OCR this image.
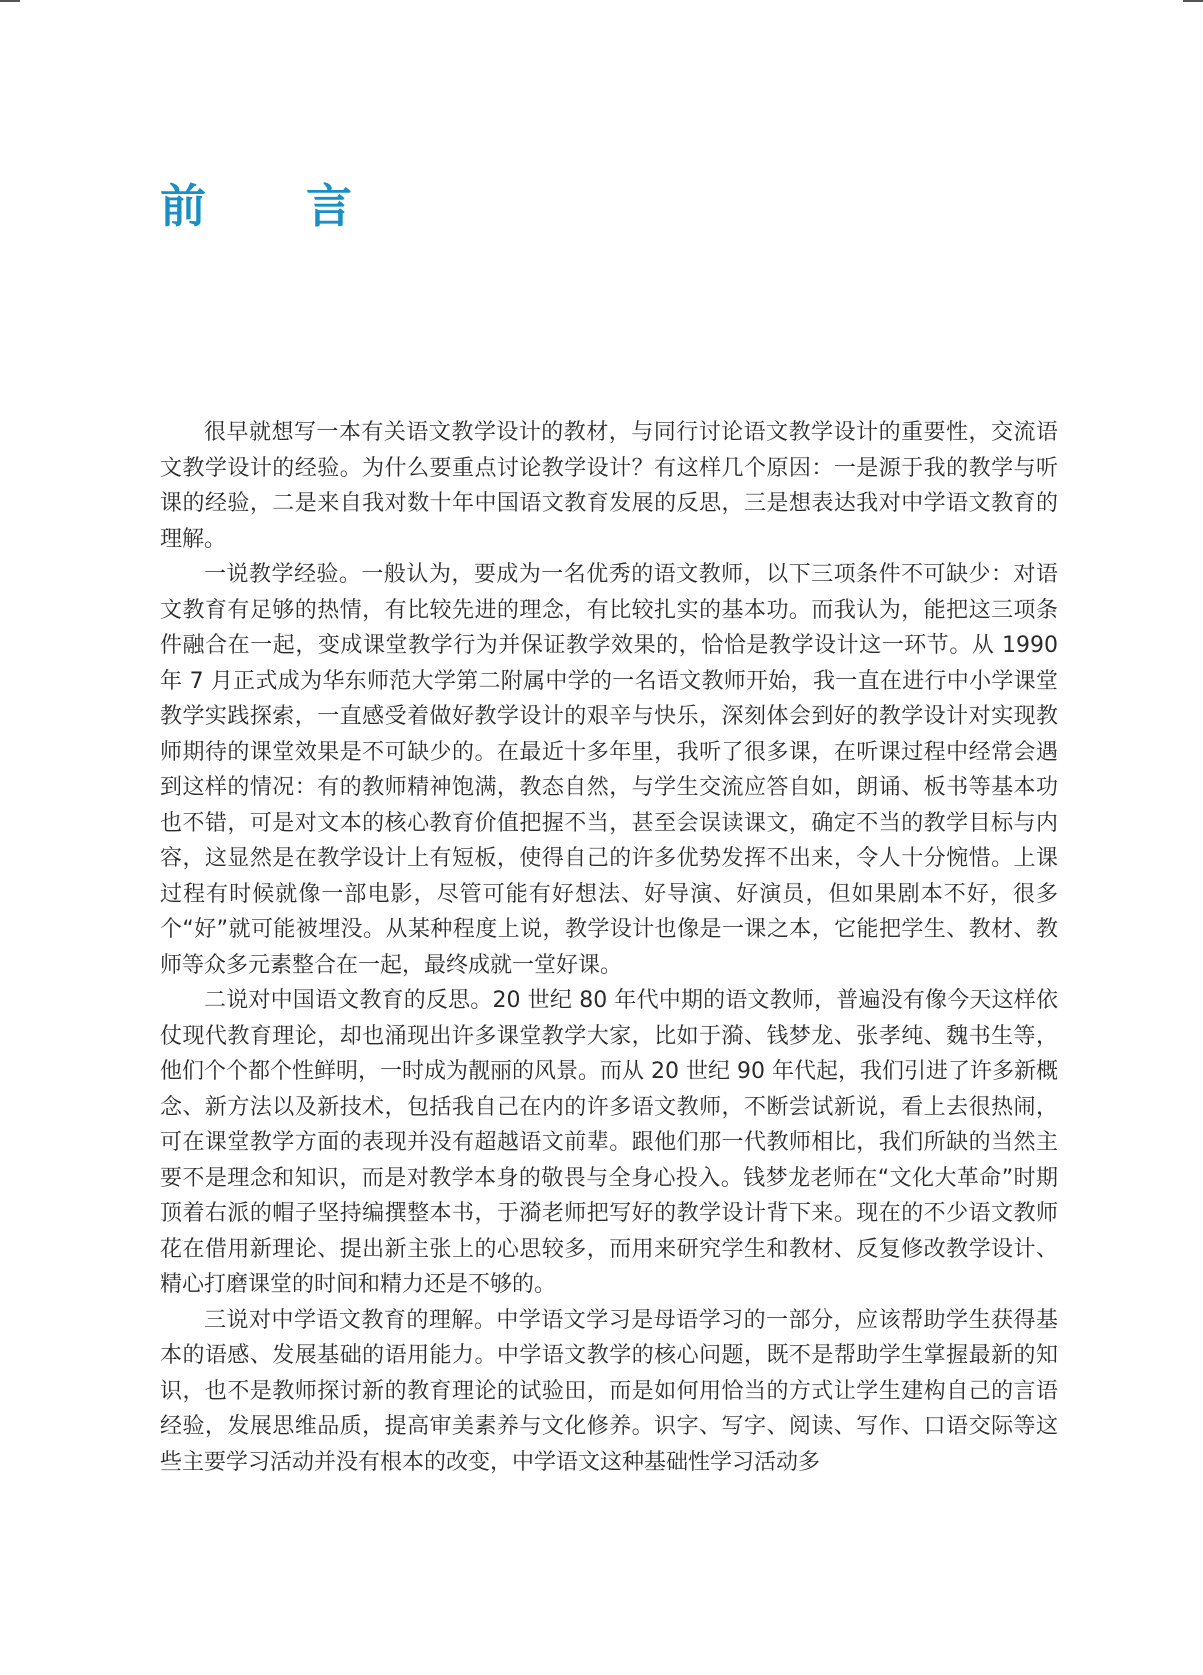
前 言

很早就想写一本有关语文教学设计的教材，与同行讨论语文教学设计的重要性，交流语文教学设计的经验。为什么要重点讨论教学设计？有这样几个原因：一是源于我的教学与听课的经验，二是来自我对数十年中国语文教育发展的反思，三是想表达我对中学语文教育的理解。

一说教学经验。一般认为，要成为一名优秀的语文教师，以下三项条件不可缺少：对语文教育有足够的热情，有比较先进的理念，有比较扎实的基本功。而我认为，能把这三项条件融合在一起，变成课堂教学行为并保证教学效果的，恰恰是教学设计这一环节。从 1990 年 7 月正式成为华东师范大学第二附属中学的一名语文教师开始，我一直在进行中小学课堂教学实践探索，一直感受着做好教学设计的艰辛与快乐，深刻体会到好的教学设计对实现教师期待的课堂效果是不可缺少的。在最近十多年里，我听了很多课，在听课过程中经常会遇到这样的情况：有的教师精神饱满，教态自然，与学生交流应答自如，朗诵、板书等基本功也不错，可是对文本的核心教育价值把握不当，甚至会误读课文，确定不当的教学目标与内容，这显然是在教学设计上有短板，使得自己的许多优势发挥不出来，令人十分惋惜。上课过程有时候就像一部电影，尽管可能有好想法、好导演、好演员，但如果剧本不好，很多个“好”就可能被埋没。从某种程度上说，教学设计也像是一课之本，它能把学生、教材、教师等众多元素整合在一起，最终成就一堂好课。

二说对中国语文教育的反思。20 世纪 80 年代中期的语文教师，普遍没有像今天这样依仗现代教育理论，却也涌现出许多课堂教学大家，比如于漪、钱梦龙、张孝纯、魏书生等，他们个个都个性鲜明，一时成为靓丽的风景。而从 20 世纪 90 年代起，我们引进了许多新概念、新方法以及新技术，包括我自己在内的许多语文教师，不断尝试新说，看上去很热闹，可在课堂教学方面的表现并没有超越语文前辈。跟他们那一代教师相比，我们所缺的当然主要不是理念和知识，而是对教学本身的敬畏与全身心投入。钱梦龙老师在“文化大革命”时期顶着右派的帽子坚持编撰整本书，于漪老师把写好的教学设计背下来。现在的不少语文教师花在借用新理论、提出新主张上的心思较多，而用来研究学生和教材、反复修改教学设计、精心打磨课堂的时间和精力还是不够的。

三说对中学语文教育的理解。中学语文学习是母语学习的一部分，应该帮助学生获得基本的语感、发展基础的语用能力。中学语文教学的核心问题，既不是帮助学生掌握最新的知识，也不是教师探讨新的教育理论的试验田，而是如何用恰当的方式让学生建构自己的言语经验，发展思维品质，提高审美素养与文化修养。识字、写字、阅读、写作、口语交际等这些主要学习活动并没有根本的改变，中学语文这种基础性学习活动多
